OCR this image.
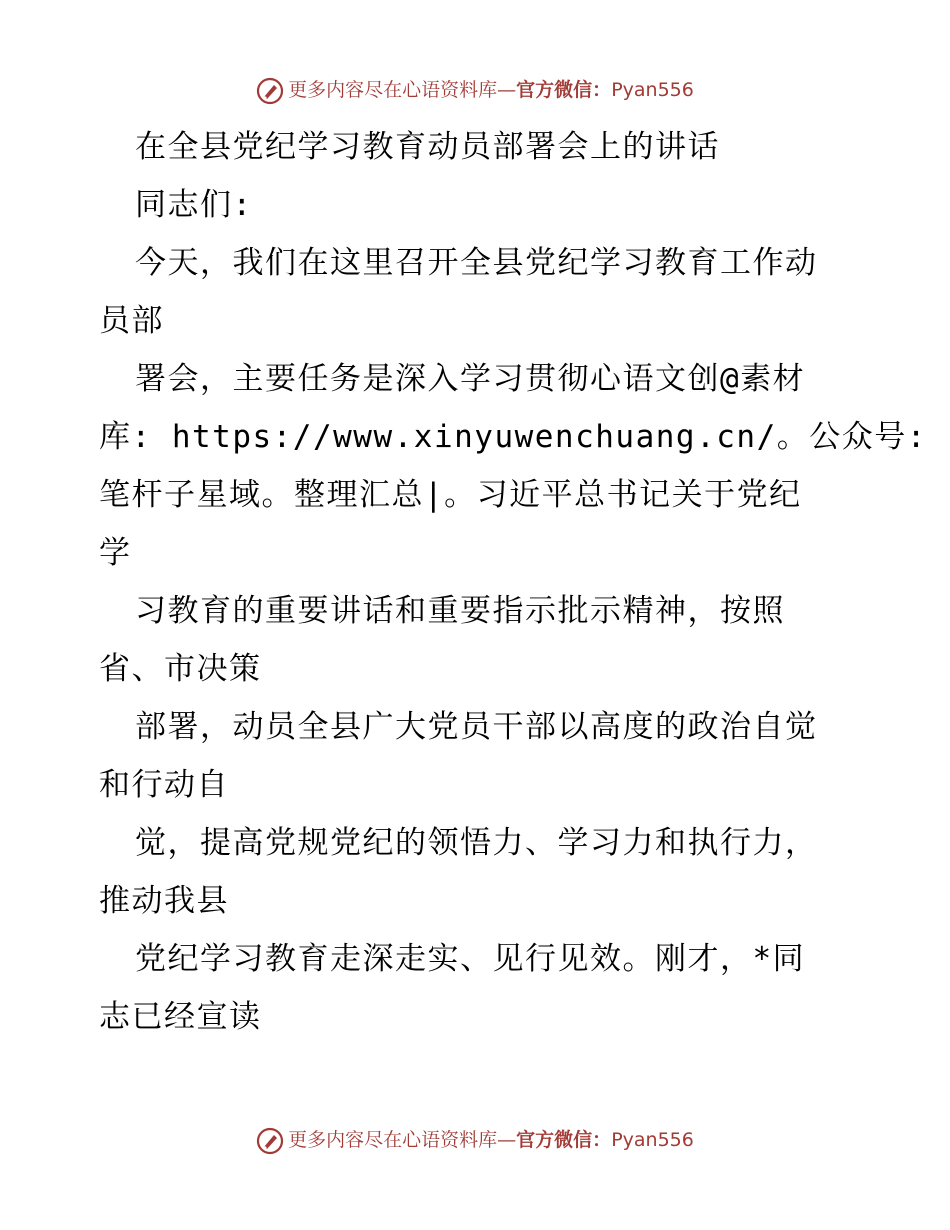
更多内容尽在心语资料库—官方微信：Pyan556
在全县党纪学习教育动员部署会上的讲话
同志们:
今天，我们在这里召开全县党纪学习教育工作动
员部
署会，主要任务是深入学习贯彻心语文创@素材
库: https://www.xinyuwenchuang.cn/。公众号:
笔杆子星域。整理汇总|。习近平总书记关于党纪
学
习教育的重要讲话和重要指示批示精神，按照
省、市决策
部署，动员全县广大党员干部以高度的政治自觉
和行动自
觉，提高党规党纪的领悟力、学习力和执行力，
推动我县
党纪学习教育走深走实、见行见效。刚才，*同
志已经宣读
更多内容尽在心语资料库—官方微信：Pyan556
